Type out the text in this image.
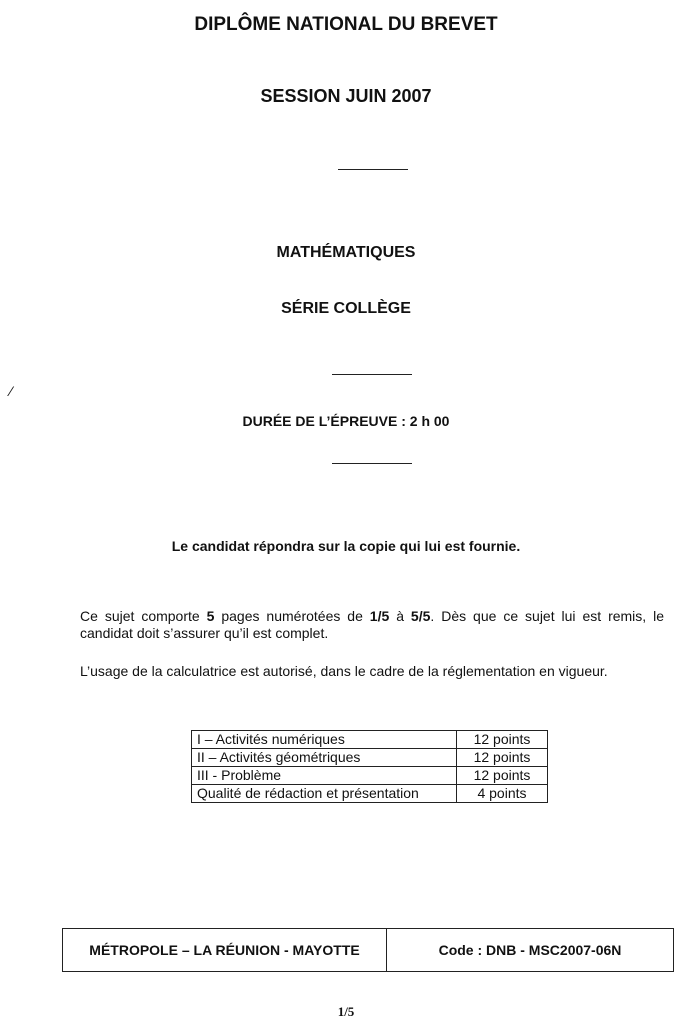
DIPLÔME NATIONAL DU BREVET
SESSION JUIN 2007
MATHÉMATIQUES
SÉRIE COLLÈGE
⁄
DURÉE DE L’ÉPREUVE : 2 h 00
Le candidat répondra sur la copie qui lui est fournie.
Ce sujet comporte 5 pages numérotées de 1/5 à 5/5. Dès que ce sujet lui est remis, le candidat doit s’assurer qu’il est complet.
L’usage de la calculatrice est autorisé, dans le cadre de la réglementation en vigueur.
I – Activités numériques	12 points
II – Activités géométriques	12 points
III - Problème	12 points
Qualité de rédaction et présentation	4 points
MÉTROPOLE – LA RÉUNION - MAYOTTE	Code : DNB - MSC2007-06N
1/5
